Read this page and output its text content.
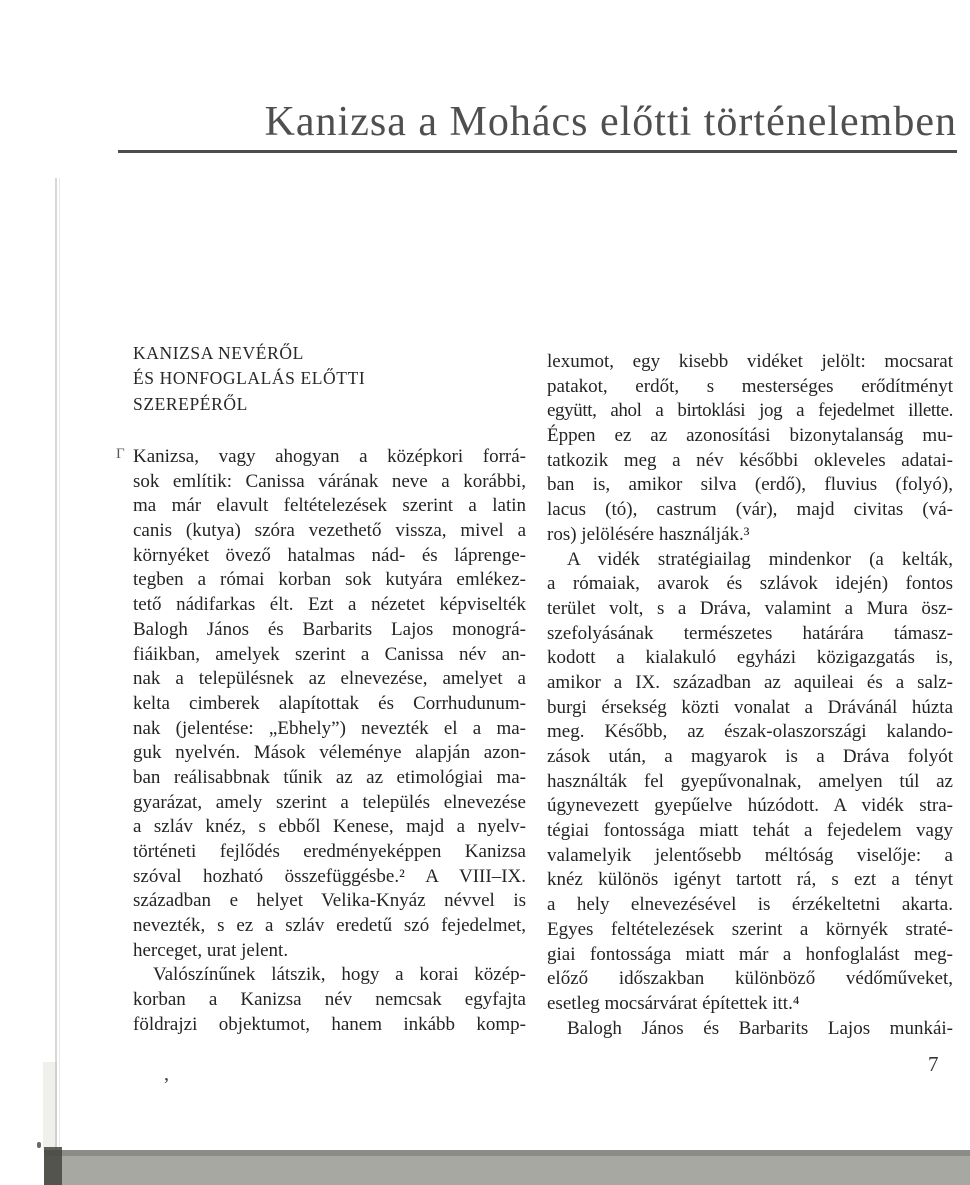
Kanizsa a Mohács előtti történelemben
KANIZSA NEVÉRŐL
ÉS HONFOGLALÁS ELŐTTI
SZEREPÉRŐL
Γ Kanizsa, vagy ahogyan a középkori forrá-
sok említik: Canissa várának neve a korábbi,
ma már elavult feltételezések szerint a latin
canis (kutya) szóra vezethető vissza, mivel a
környéket övező hatalmas nád- és láprenge-
tegben a római korban sok kutyára emlékez-
tető nádifarkas élt. Ezt a nézetet képviselték
Balogh János és Barbarits Lajos monográ-
fiáikban, amelyek szerint a Canissa név an-
nak a településnek az elnevezése, amelyet a
kelta cimberek alapítottak és Corrhudunum-
nak (jelentése: „Ebhely”) nevezték el a ma-
guk nyelvén. Mások véleménye alapján azon-
ban reálisabbnak tűnik az az etimológiai ma-
gyarázat, amely szerint a település elnevezése
a szláv knéz, s ebből Kenese, majd a nyelv-
történeti fejlődés eredményeképpen Kanizsa
szóval hozható összefüggésbe.² A VIII–IX.
században e helyet Velika-Knyáz névvel is
nevezték, s ez a szláv eredetű szó fejedelmet,
herceget, urat jelent.
Valószínűnek látszik, hogy a korai közép-
korban a Kanizsa név nemcsak egyfajta
földrajzi objektumot, hanem inkább komp-
lexumot, egy kisebb vidéket jelölt: mocsarat
patakot, erdőt, s mesterséges erődítményt
együtt, ahol a birtoklási jog a fejedelmet illette.
Éppen ez az azonosítási bizonytalanság mu-
tatkozik meg a név későbbi okleveles adatai-
ban is, amikor silva (erdő), fluvius (folyó),
lacus (tó), castrum (vár), majd civitas (vá-
ros) jelölésére használják.³
A vidék stratégiailag mindenkor (a kelták,
a rómaiak, avarok és szlávok idején) fontos
terület volt, s a Dráva, valamint a Mura ösz-
szefolyásának természetes határára támasz-
kodott a kialakuló egyházi közigazgatás is,
amikor a IX. században az aquileai és a salz-
burgi érsekség közti vonalat a Drávánál húzta
meg. Később, az észak-olaszországi kalando-
zások után, a magyarok is a Dráva folyót
használták fel gyepűvonalnak, amelyen túl az
úgynevezett gyepűelve húzódott. A vidék stra-
tégiai fontossága miatt tehát a fejedelem vagy
valamelyik jelentősebb méltóság viselője: a
knéz különös igényt tartott rá, s ezt a tényt
a hely elnevezésével is érzékeltetni akarta.
Egyes feltételezések szerint a környék straté-
giai fontossága miatt már a honfoglalást meg-
előző időszakban különböző védőműveket,
esetleg mocsárvárat építettek itt.⁴
Balogh János és Barbarits Lajos munkái-
7
’
